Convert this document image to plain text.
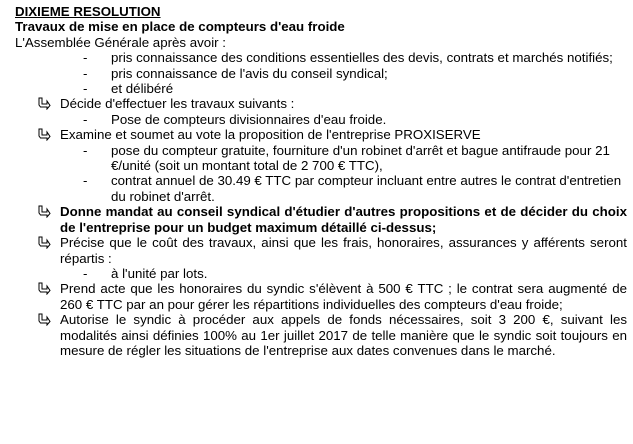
DIXIEME RESOLUTION

Travaux de mise en place de compteurs d'eau froide

L'Assemblée Générale après avoir :

- pris connaissance des conditions essentielles des devis, contrats et marchés notifiés;
- pris connaissance de l'avis du conseil syndical;
- et délibéré
Décide d'effectuer les travaux suivants :
- Pose de compteurs divisionnaires d'eau froide.
Examine et soumet au vote la proposition de l'entreprise PROXISERVE
- pose du compteur gratuite, fourniture d'un robinet d'arrêt et bague antifraude pour 21 €/unité (soit un montant total de 2 700 € TTC),
- contrat annuel de 30.49 € TTC par compteur incluant entre autres le contrat d'entretien du robinet d'arrêt.
Donne mandat au conseil syndical d'étudier d'autres propositions et de décider du choix de l'entreprise pour un budget maximum détaillé ci-dessus;
Précise que le coût des travaux, ainsi que les frais, honoraires, assurances y afférents seront répartis :
- à l'unité par lots.
Prend acte que les honoraires du syndic s'élèvent à 500 € TTC ; le contrat sera augmenté de 260 € TTC par an pour gérer les répartitions individuelles des compteurs d'eau froide;
Autorise le syndic à procéder aux appels de fonds nécessaires, soit 3 200 €, suivant les modalités ainsi définies 100% au 1er juillet 2017 de telle manière que le syndic soit toujours en mesure de régler les situations de l'entreprise aux dates convenues dans le marché.
